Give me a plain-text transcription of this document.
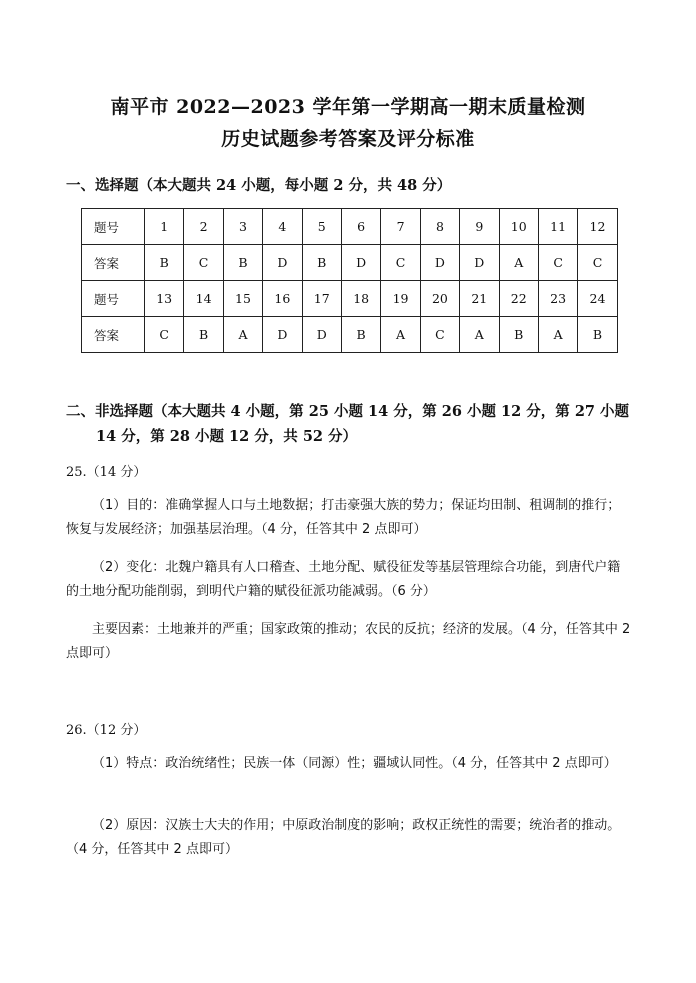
南平市 2022—2023 学年第一学期高一期末质量检测
历史试题参考答案及评分标准
一、选择题（本大题共 24 小题，每小题 2 分，共 48 分）
题号	1	2	3	4	5	6	7	8	9	10	11	12
答案	B	C	B	D	B	D	C	D	D	A	C	C
题号	13	14	15	16	17	18	19	20	21	22	23	24
答案	C	B	A	D	D	B	A	C	A	B	A	B
二、非选择题（本大题共 4 小题，第 25 小题 14 分，第 26 小题 12 分，第 27 小题
14 分，第 28 小题 12 分，共 52 分）
25.（14 分）
（1）目的：准确掌握人口与土地数据；打击豪强大族的势力；保证均田制、租调制的推行；恢复与发展经济；加强基层治理。（4 分，任答其中 2 点即可）
（2）变化：北魏户籍具有人口稽查、土地分配、赋役征发等基层管理综合功能，到唐代户籍的土地分配功能削弱，到明代户籍的赋役征派功能减弱。（6 分）
主要因素：土地兼并的严重；国家政策的推动；农民的反抗；经济的发展。（4 分，任答其中 2 点即可）
26.（12 分）
（1）特点：政治统绪性；民族一体（同源）性；疆域认同性。（4 分，任答其中 2 点即可）
（2）原因：汉族士大夫的作用；中原政治制度的影响；政权正统性的需要；统治者的推动。（4 分，任答其中 2 点即可）
